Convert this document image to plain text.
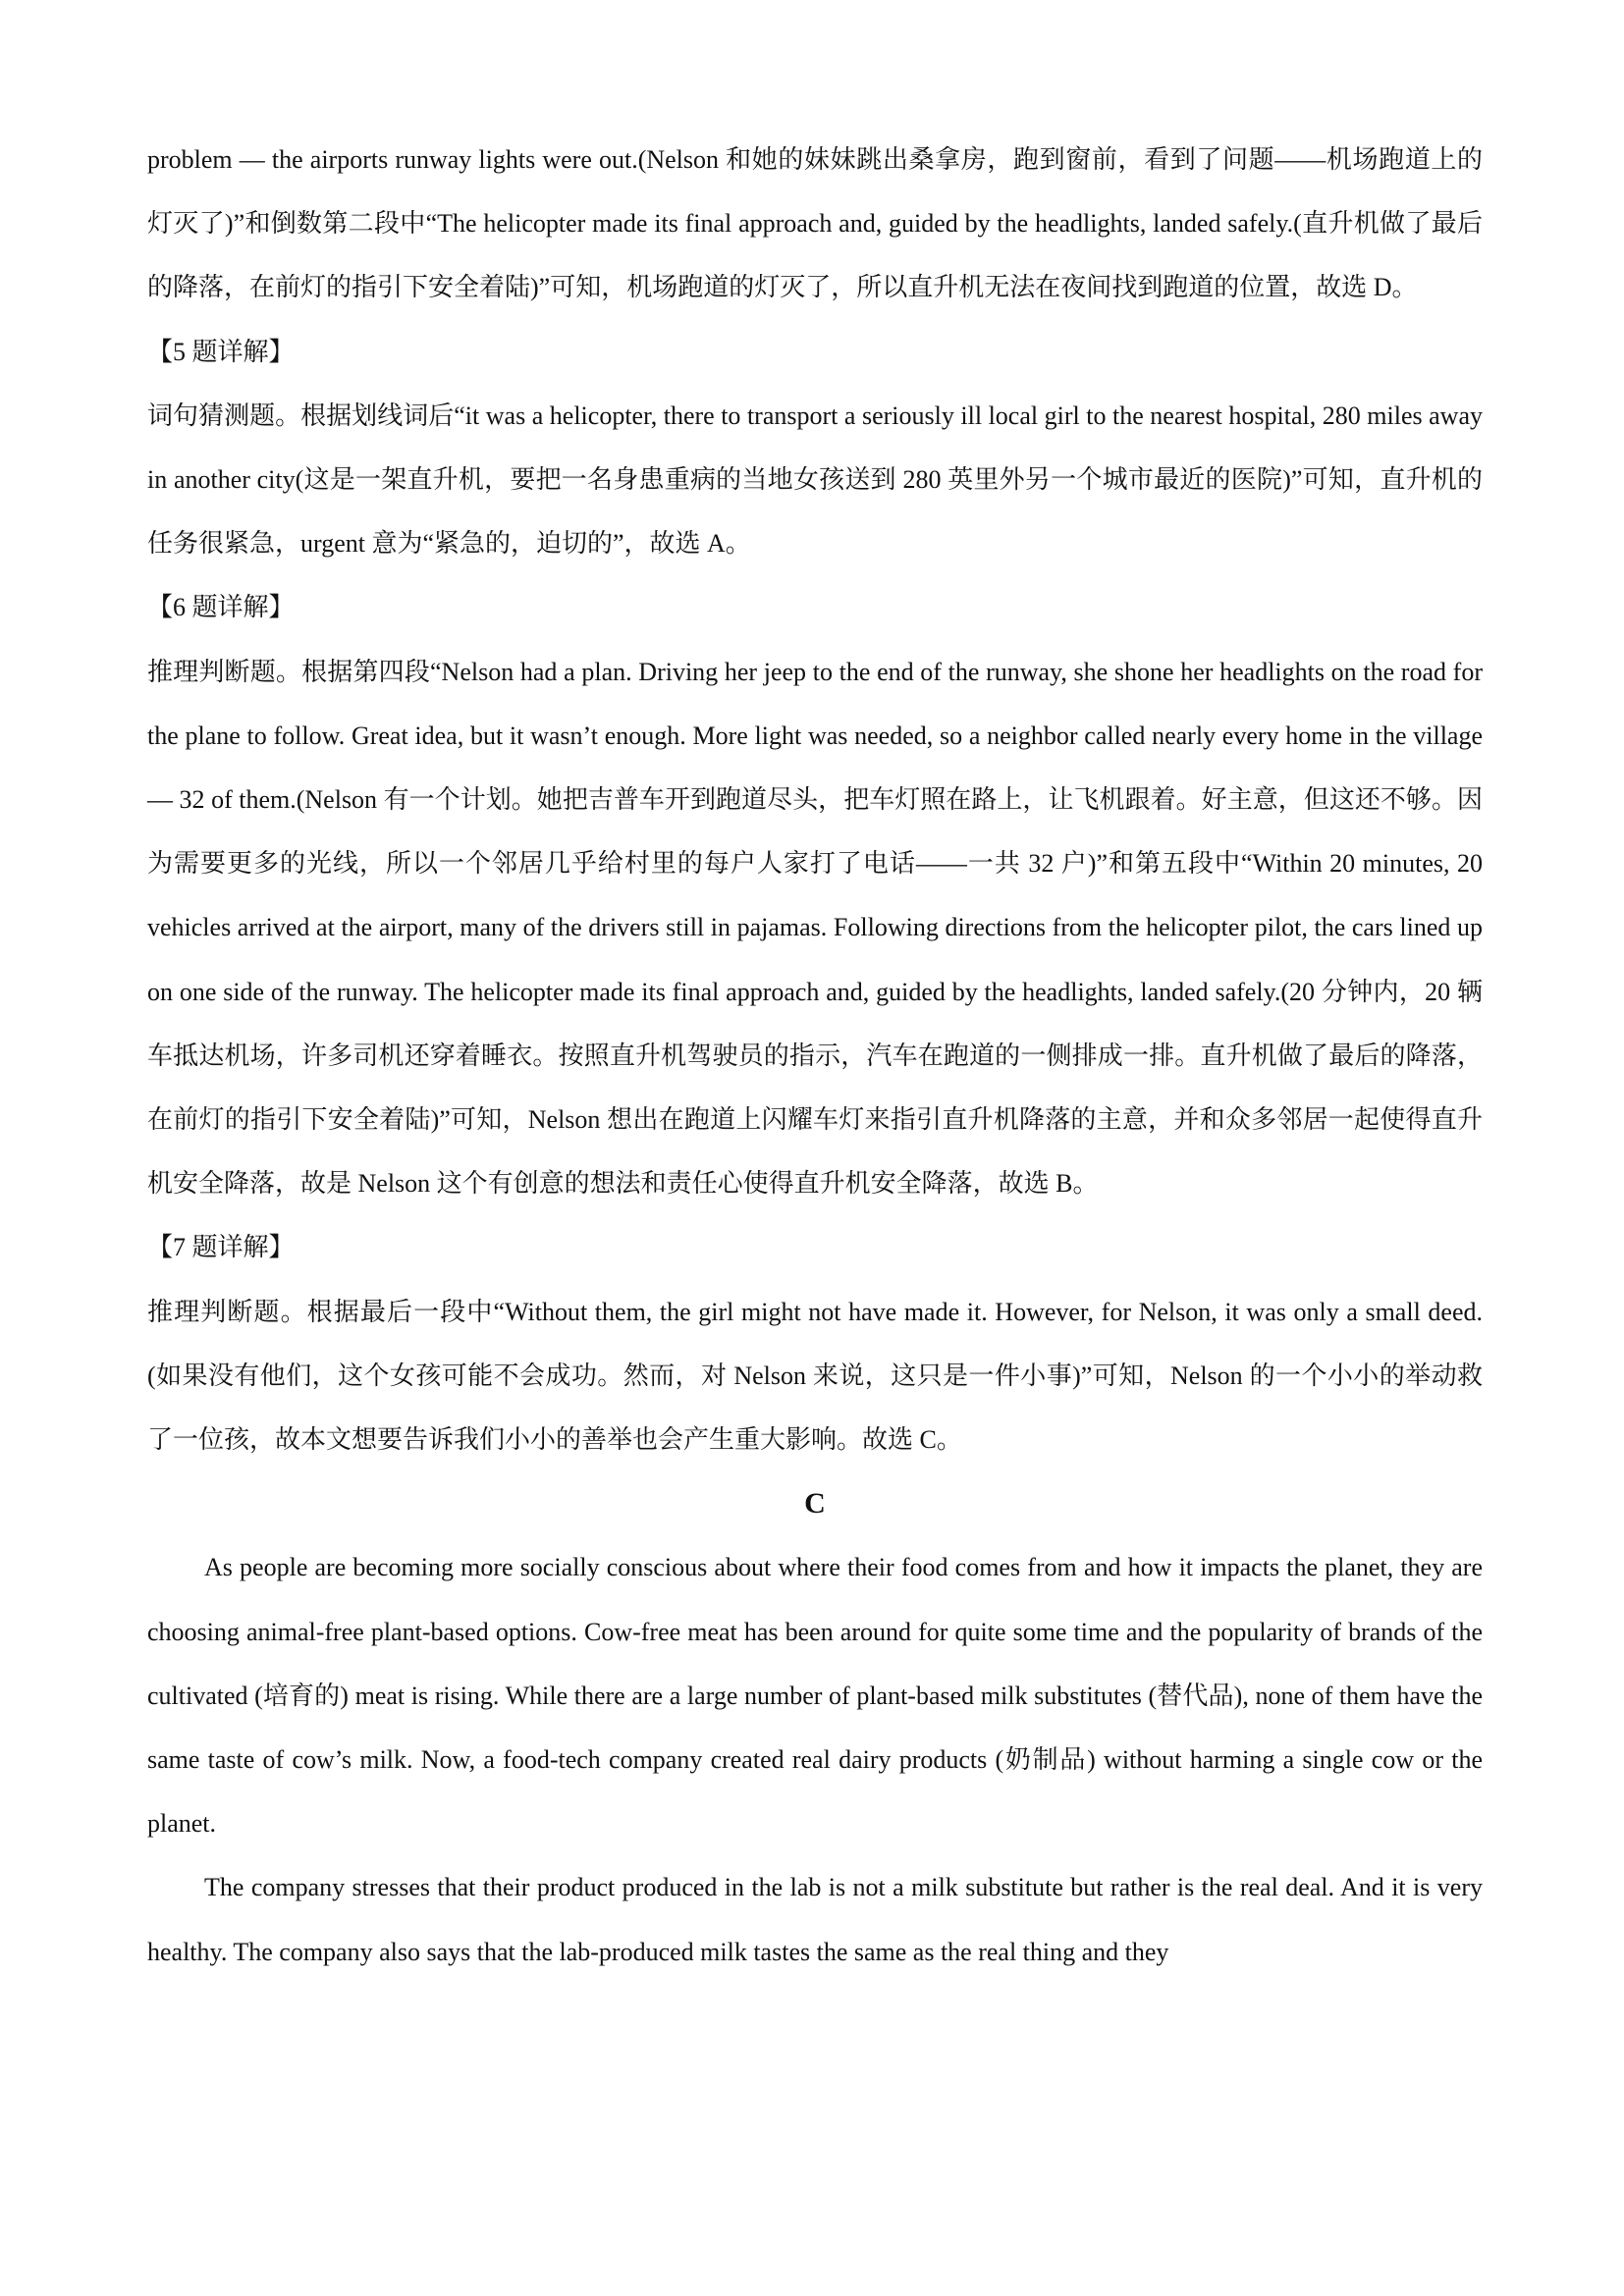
problem — the airports runway lights were out.(Nelson 和她的妹妹跳出桑拿房，跑到窗前，看到了问题——机场跑道上的灯灭了)”和倒数第二段中“The helicopter made its final approach and, guided by the headlights, landed safely.(直升机做了最后的降落，在前灯的指引下安全着陆)”可知，机场跑道的灯灭了，所以直升机无法在夜间找到跑道的位置，故选 D。

【5 题详解】

词句猜测题。根据划线词后“it was a helicopter, there to transport a seriously ill local girl to the nearest hospital, 280 miles away in another city(这是一架直升机，要把一名身患重病的当地女孩送到 280 英里外另一个城市最近的医院)”可知，直升机的任务很紧急，urgent 意为“紧急的，迫切的”，故选 A。

【6 题详解】

推理判断题。根据第四段“Nelson had a plan. Driving her jeep to the end of the runway, she shone her headlights on the road for the plane to follow. Great idea, but it wasn’t enough. More light was needed, so a neighbor called nearly every home in the village — 32 of them.(Nelson 有一个计划。她把吉普车开到跑道尽头，把车灯照在路上，让飞机跟着。好主意，但这还不够。因为需要更多的光线，所以一个邻居几乎给村里的每户人家打了电话——一共 32 户)”和第五段中“Within 20 minutes, 20 vehicles arrived at the airport, many of the drivers still in pajamas. Following directions from the helicopter pilot, the cars lined up on one side of the runway. The helicopter made its final approach and, guided by the headlights, landed safely.(20 分钟内，20 辆车抵达机场，许多司机还穿着睡衣。按照直升机驾驶员的指示，汽车在跑道的一侧排成一排。直升机做了最后的降落，在前灯的指引下安全着陆)”可知，Nelson 想出在跑道上闪耀车灯来指引直升机降落的主意，并和众多邻居一起使得直升机安全降落，故是 Nelson 这个有创意的想法和责任心使得直升机安全降落，故选 B。

【7 题详解】

推理判断题。根据最后一段中“Without them, the girl might not have made it. However, for Nelson, it was only a small deed.(如果没有他们，这个女孩可能不会成功。然而，对 Nelson 来说，这只是一件小事)”可知，Nelson 的一个小小的举动救了一位孩，故本文想要告诉我们小小的善举也会产生重大影响。故选 C。

C

As people are becoming more socially conscious about where their food comes from and how it impacts the planet, they are choosing animal-free plant-based options. Cow-free meat has been around for quite some time and the popularity of brands of the cultivated (培育的) meat is rising. While there are a large number of plant-based milk substitutes (替代品), none of them have the same taste of cow’s milk. Now, a food-tech company created real dairy products (奶制品) without harming a single cow or the planet.

The company stresses that their product produced in the lab is not a milk substitute but rather is the real deal. And it is very healthy. The company also says that the lab-produced milk tastes the same as the real thing and they
